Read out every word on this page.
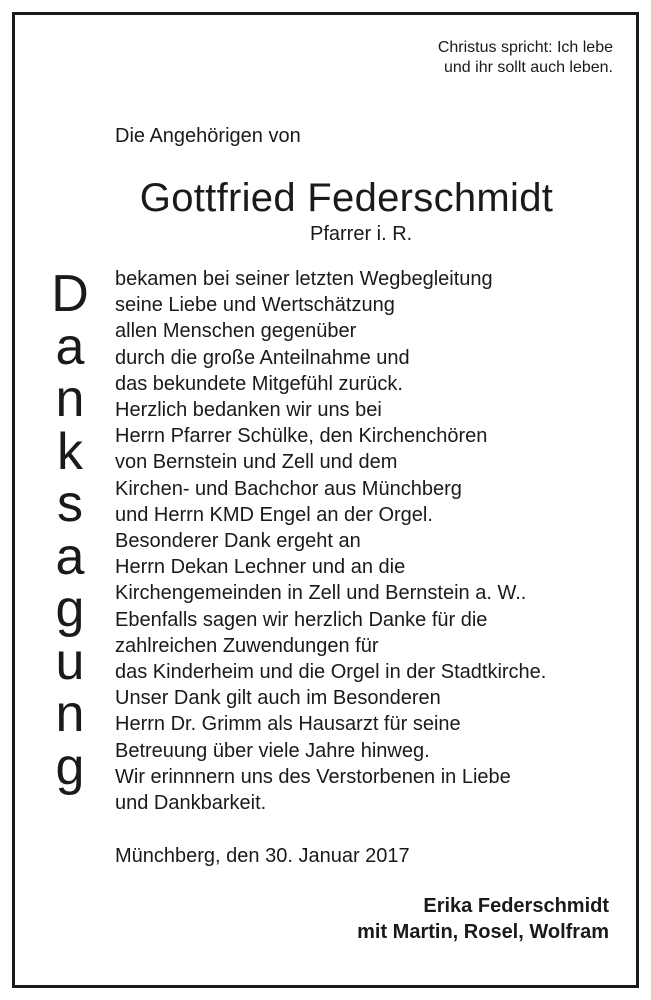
Christus spricht: Ich lebe
und ihr sollt auch leben.
Die Angehörigen von
Gottfried Federschmidt
Pfarrer i. R.
D
a
n
k
s
a
g
u
n
g
bekamen bei seiner letzten Wegbegleitung
seine Liebe und Wertschätzung
allen Menschen gegenüber
durch die große Anteilnahme und
das bekundete Mitgefühl zurück.
Herzlich bedanken wir uns bei
Herrn Pfarrer Schülke, den Kirchenchören
von Bernstein und Zell und dem
Kirchen- und Bachchor aus Münchberg
und Herrn KMD Engel an der Orgel.
Besonderer Dank ergeht an
Herrn Dekan Lechner und an die
Kirchengemeinden in Zell und Bernstein a. W..
Ebenfalls sagen wir herzlich Danke für die
zahlreichen Zuwendungen für
das Kinderheim und die Orgel in der Stadtkirche.
Unser Dank gilt auch im Besonderen
Herrn Dr. Grimm als Hausarzt für seine
Betreuung über viele Jahre hinweg.
Wir erinnnern uns des Verstorbenen in Liebe
und Dankbarkeit.
Münchberg, den 30. Januar 2017
Erika Federschmidt
mit Martin, Rosel, Wolfram
